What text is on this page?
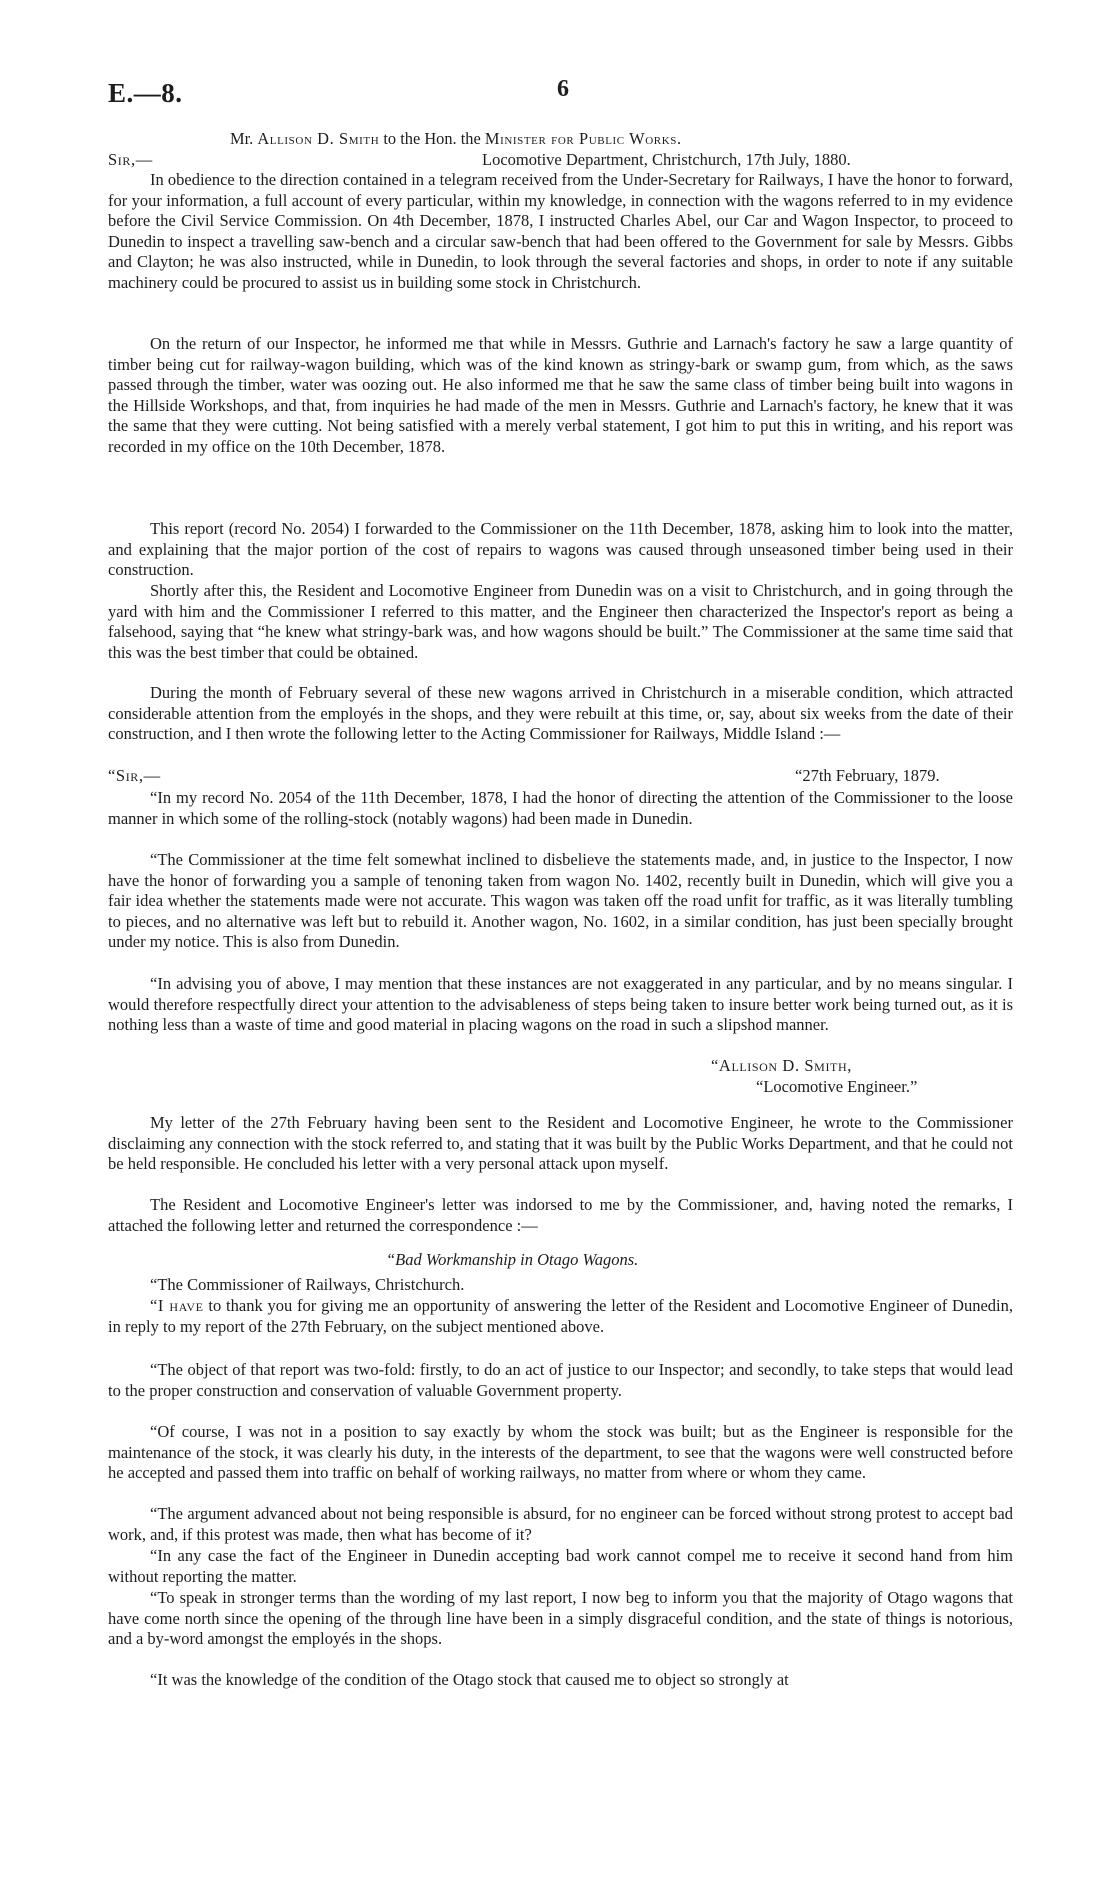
E.—8.	6
Mr. Allison D. Smith to the Hon. the Minister for Public Works.
Sir,—	Locomotive Department, Christchurch, 17th July, 1880.
In obedience to the direction contained in a telegram received from the Under-Secretary for Railways, I have the honor to forward, for your information, a full account of every particular, within my knowledge, in connection with the wagons referred to in my evidence before the Civil Service Commission. On 4th December, 1878, I instructed Charles Abel, our Car and Wagon Inspector, to proceed to Dunedin to inspect a travelling saw-bench and a circular saw-bench that had been offered to the Government for sale by Messrs. Gibbs and Clayton; he was also instructed, while in Dunedin, to look through the several factories and shops, in order to note if any suitable machinery could be procured to assist us in building some stock in Christchurch.
On the return of our Inspector, he informed me that while in Messrs. Guthrie and Larnach's factory he saw a large quantity of timber being cut for railway-wagon building, which was of the kind known as stringy-bark or swamp gum, from which, as the saws passed through the timber, water was oozing out. He also informed me that he saw the same class of timber being built into wagons in the Hillside Workshops, and that, from inquiries he had made of the men in Messrs. Guthrie and Larnach's factory, he knew that it was the same that they were cutting. Not being satisfied with a merely verbal statement, I got him to put this in writing, and his report was recorded in my office on the 10th December, 1878.
This report (record No. 2054) I forwarded to the Commissioner on the 11th December, 1878, asking him to look into the matter, and explaining that the major portion of the cost of repairs to wagons was caused through unseasoned timber being used in their construction.
Shortly after this, the Resident and Locomotive Engineer from Dunedin was on a visit to Christchurch, and in going through the yard with him and the Commissioner I referred to this matter, and the Engineer then characterized the Inspector's report as being a falsehood, saying that “he knew what stringy-bark was, and how wagons should be built.” The Commissioner at the same time said that this was the best timber that could be obtained.
During the month of February several of these new wagons arrived in Christchurch in a miserable condition, which attracted considerable attention from the employés in the shops, and they were rebuilt at this time, or, say, about six weeks from the date of their construction, and I then wrote the following letter to the Acting Commissioner for Railways, Middle Island :—
“Sir,—	“27th February, 1879.
“In my record No. 2054 of the 11th December, 1878, I had the honor of directing the attention of the Commissioner to the loose manner in which some of the rolling-stock (notably wagons) had been made in Dunedin.
“The Commissioner at the time felt somewhat inclined to disbelieve the statements made, and, in justice to the Inspector, I now have the honor of forwarding you a sample of tenoning taken from wagon No. 1402, recently built in Dunedin, which will give you a fair idea whether the statements made were not accurate. This wagon was taken off the road unfit for traffic, as it was literally tumbling to pieces, and no alternative was left but to rebuild it. Another wagon, No. 1602, in a similar condition, has just been specially brought under my notice. This is also from Dunedin.
“In advising you of above, I may mention that these instances are not exaggerated in any particular, and by no means singular. I would therefore respectfully direct your attention to the advisableness of steps being taken to insure better work being turned out, as it is nothing less than a waste of time and good material in placing wagons on the road in such a slipshod manner.
“Allison D. Smith,
“Locomotive Engineer.”
My letter of the 27th February having been sent to the Resident and Locomotive Engineer, he wrote to the Commissioner disclaiming any connection with the stock referred to, and stating that it was built by the Public Works Department, and that he could not be held responsible. He concluded his letter with a very personal attack upon myself.
The Resident and Locomotive Engineer's letter was indorsed to me by the Commissioner, and, having noted the remarks, I attached the following letter and returned the correspondence :—
“Bad Workmanship in Otago Wagons.
“The Commissioner of Railways, Christchurch.
“I have to thank you for giving me an opportunity of answering the letter of the Resident and Locomotive Engineer of Dunedin, in reply to my report of the 27th February, on the subject mentioned above.
“The object of that report was two-fold: firstly, to do an act of justice to our Inspector; and secondly, to take steps that would lead to the proper construction and conservation of valuable Government property.
“Of course, I was not in a position to say exactly by whom the stock was built; but as the Engineer is responsible for the maintenance of the stock, it was clearly his duty, in the interests of the department, to see that the wagons were well constructed before he accepted and passed them into traffic on behalf of working railways, no matter from where or whom they came.
“The argument advanced about not being responsible is absurd, for no engineer can be forced without strong protest to accept bad work, and, if this protest was made, then what has become of it?
“In any case the fact of the Engineer in Dunedin accepting bad work cannot compel me to receive it second hand from him without reporting the matter.
“To speak in stronger terms than the wording of my last report, I now beg to inform you that the majority of Otago wagons that have come north since the opening of the through line have been in a simply disgraceful condition, and the state of things is notorious, and a by-word amongst the employés in the shops.
“It was the knowledge of the condition of the Otago stock that caused me to object so strongly at
